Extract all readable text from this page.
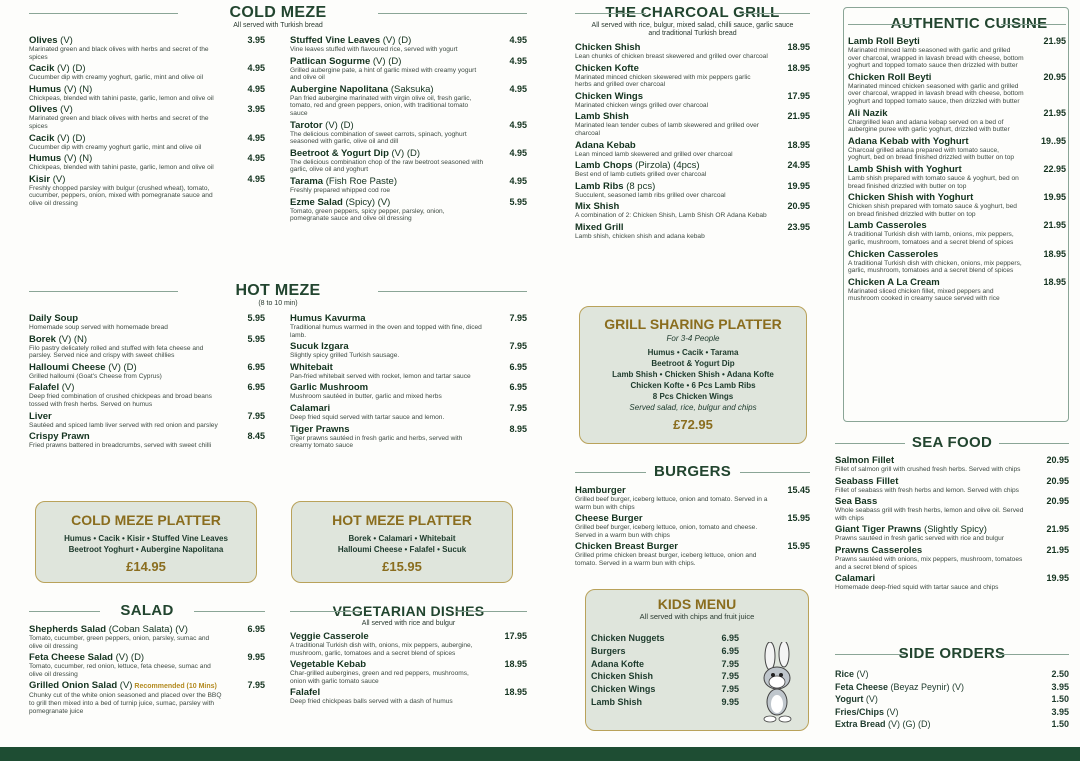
COLD MEZE
All served with Turkish bread
Olives (V)
Marinated green and black olives with herbs and secret of the spices
3.95
Cacik (V) (D)
Cucumber dip with creamy yoghurt, garlic, mint and olive oil
4.95
Humus (V) (N)
Chickpeas, blended with tahini paste, garlic, lemon and olive oil
4.95
Olives (V)
Marinated green and black olives with herbs and secret of the spices
3.95
Cacik (V) (D)
Cucumber dip with creamy yoghurt garlic, mint and olive oil
4.95
Humus (V) (N)
Chickpeas, blended with tahini paste, garlic, lemon and olive oil
4.95
Kisir (V)
Freshly chopped parsley with bulgur (crushed wheat), tomato, cucumber, peppers, onion, mixed with pomegranate sauce and olive oil dressing
4.95
Stuffed Vine Leaves (V) (D)
Vine leaves stuffed with flavoured rice, served with yogurt
4.95
Patlican Sogurme (V) (D)
Grilled aubergine pate, a hint of garlic mixed with creamy yogurt and olive oil
4.95
Aubergine Napolitana (Saksuka)
Pan fried aubergine marinated with virgin olive oil, fresh garlic, tomato, red and green peppers, onion, with traditional tomato sauce
4.95
Tarotor (V) (D)
The delicious combination of sweet carrots, spinach, yoghurt seasoned with garlic, olive oil and dill
4.95
Beetroot & Yogurt Dip (V) (D)
The delicious combination chop of the raw beetroot seasoned with garlic, olive oil and yoghurt
4.95
Tarama (Fish Roe Paste)
Freshly prepared whipped cod roe
4.95
Ezme Salad (Spicy) (V)
Tomato, green peppers, spicy pepper, parsley, onion, pomegranate sauce and olive oil dressing
5.95
HOT MEZE
(8 to 10 min)
Daily Soup
Homemade soup served with homemade bread
5.95
Borek (V) (N)
Filo pastry delicately rolled and stuffed with feta cheese and parsley. Served nice and crispy with sweet chillies
5.95
Halloumi Cheese (V) (D)
Grilled halloumi (Goat's Cheese from Cyprus)
6.95
Falafel (V)
Deep fried combination of crushed chickpeas and broad beans tossed with fresh herbs. Served on humus
6.95
Liver
Sautéed and spiced lamb liver served with red onion and parsley
7.95
Crispy Prawn
Fried prawns battered in breadcrumbs, served with sweet chilli
8.45
Humus Kavurma
Traditional humus warmed in the oven and topped with fine, diced lamb.
7.95
Sucuk Izgara
Slightly spicy grilled Turkish sausage.
7.95
Whitebait
Pan-fried whitebait served with rocket, lemon and tartar sauce
6.95
Garlic Mushroom
Mushroom sautéed in butter, garlic and mixed herbs
6.95
Calamari
Deep fried squid served with tartar sauce and lemon.
7.95
Tiger Prawns
Tiger prawns sautéed in fresh garlic and herbs, served with creamy tomato sauce
8.95
COLD MEZE PLATTER
Humus • Cacik • Kisir • Stuffed Vine Leaves
Beetroot Yoghurt • Aubergine Napolitana
£14.95
HOT MEZE PLATTER
Borek • Calamari • Whitebait
Halloumi Cheese • Falafel • Sucuk
£15.95
SALAD
Shepherds Salad (Coban Salata) (V)
Tomato, cucumber, green peppers, onion, parsley, sumac and olive oil dressing
6.95
Feta Cheese Salad (V) (D)
Tomato, cucumber, red onion, lettuce, feta cheese, sumac and olive oil dressing
9.95
Grilled Onion Salad (V) Recommended (10 Mins)
Chunky cut of the white onion seasoned and placed over the BBQ to grill then mixed into a bed of turnip juice, sumac, parsley with pomegranate juice
7.95
VEGETARIAN DISHES
All served with rice and bulgur
Veggie Casserole
A traditional Turkish dish with, onions, mix peppers, aubergine, mushroom, garlic, tomatoes and a secret blend of spices
17.95
Vegetable Kebab
Char-grilled aubergines, green and red peppers, mushrooms, onion with garlic tomato sauce
18.95
Falafel
Deep fried chickpeas balls served with a dash of humus
18.95
THE CHARCOAL GRILL
All served with rice, bulgur, mixed salad, chilli sauce, garlic sauce and traditional Turkish bread
Chicken Shish
Lean chunks of chicken breast skewered and grilled over charcoal
18.95
Chicken Kofte
Marinated minced chicken skewered with mix peppers garlic herbs and grilled over charcoal
18.95
Chicken Wings
Marinated chicken wings grilled over charcoal
17.95
Lamb Shish
Marinated lean tender cubes of lamb skewered and grilled over charcoal
21.95
Adana Kebab
Lean minced lamb skewered and grilled over charcoal
18.95
Lamb Chops (Pirzola) (4pcs)
Best end of lamb cutlets grilled over charcoal
24.95
Lamb Ribs (8 pcs)
Succulent, seasoned lamb ribs grilled over charcoal
19.95
Mix Shish
A combination of 2: Chicken Shish, Lamb Shish OR Adana Kebab
20.95
Mixed Grill
Lamb shish, chicken shish and adana kebab
23.95
GRILL SHARING PLATTER
For 3-4 People
Humus • Cacik • Tarama
Beetroot & Yogurt Dip
Lamb Shish • Chicken Shish • Adana Kofte
Chicken Kofte • 6 Pcs Lamb Ribs
8 Pcs Chicken Wings
Served salad, rice, bulgur and chips
£72.95
BURGERS
Hamburger
Grilled beef burger, iceberg lettuce, onion and tomato. Served in a warm bun with chips
15.45
Cheese Burger
Grilled beef burger, iceberg lettuce, onion, tomato and cheese. Served in a warm bun with chips
15.95
Chicken Breast Burger
Grilled prime chicken breast burger, iceberg lettuce, onion and tomato. Served in a warm bun with chips.
15.95
KIDS MENU
All served with chips and fruit juice
Chicken Nuggets	6.95
Burgers	6.95
Adana Kofte	7.95
Chicken Shish	7.95
Chicken Wings	7.95
Lamb Shish	9.95
AUTHENTIC CUISINE
Lamb Roll Beyti
Marinated minced lamb seasoned with garlic and grilled over charcoal, wrapped in lavash bread with cheese, bottom yoghurt and topped tomato sauce then drizzled with butter
21.95
Chicken Roll Beyti
Marinated minced chicken seasoned with garlic and grilled over charcoal, wrapped in lavash bread with cheese, bottom yoghurt and topped tomato sauce, then drizzled with butter
20.95
Ali Nazik
Chargrilled lean and adana kebap served on a bed of aubergine puree with garlic yoghurt, drizzled with butter
21.95
Adana Kebab with Yoghurt
Charcoal grilled adana prepared with tomato sauce, yoghurt, bed on bread finished drizzled with butter on top
19..95
Lamb Shish with Yoghurt
Lamb shish prepared with tomato sauce & yoghurt, bed on bread finished drizzled with butter on top
22.95
Chicken Shish with Yoghurt
Chicken shish prepared with tomato sauce & yoghurt, bed on bread finished drizzled with butter on top
19.95
Lamb Casseroles
A traditional Turkish dish with lamb, onions, mix peppers, garlic, mushroom, tomatoes and a secret blend of spices
21.95
Chicken Casseroles
A traditional Turkish dish with chicken, onions, mix peppers, garlic, mushroom, tomatoes and a secret blend of spices
18.95
Chicken A La Cream
Marinated sliced chicken fillet, mixed peppers and mushroom cooked in creamy sauce served with rice
18.95
SEA FOOD
Salmon Fillet
Fillet of salmon grill with crushed fresh herbs. Served with chips
20.95
Seabass Fillet
Fillet of seabass with fresh herbs and lemon. Served with chips
20.95
Sea Bass
Whole seabass grill with fresh herbs, lemon and olive oil. Served with chips
20.95
Giant Tiger Prawns (Slightly Spicy)
Prawns sautéed in fresh garlic served with rice and bulgur
21.95
Prawns Casseroles
Prawns sautéed with onions, mix peppers, mushroom, tomatoes and a secret blend of spices
21.95
Calamari
Homemade deep-fried squid with tartar sauce and chips
19.95
SIDE ORDERS
Rice (V)	2.50
Feta Cheese (Beyaz Peynir) (V)	3.95
Yogurt (V)	1.50
Fries/Chips (V)	3.95
Extra Bread (V) (G) (D)	1.50
